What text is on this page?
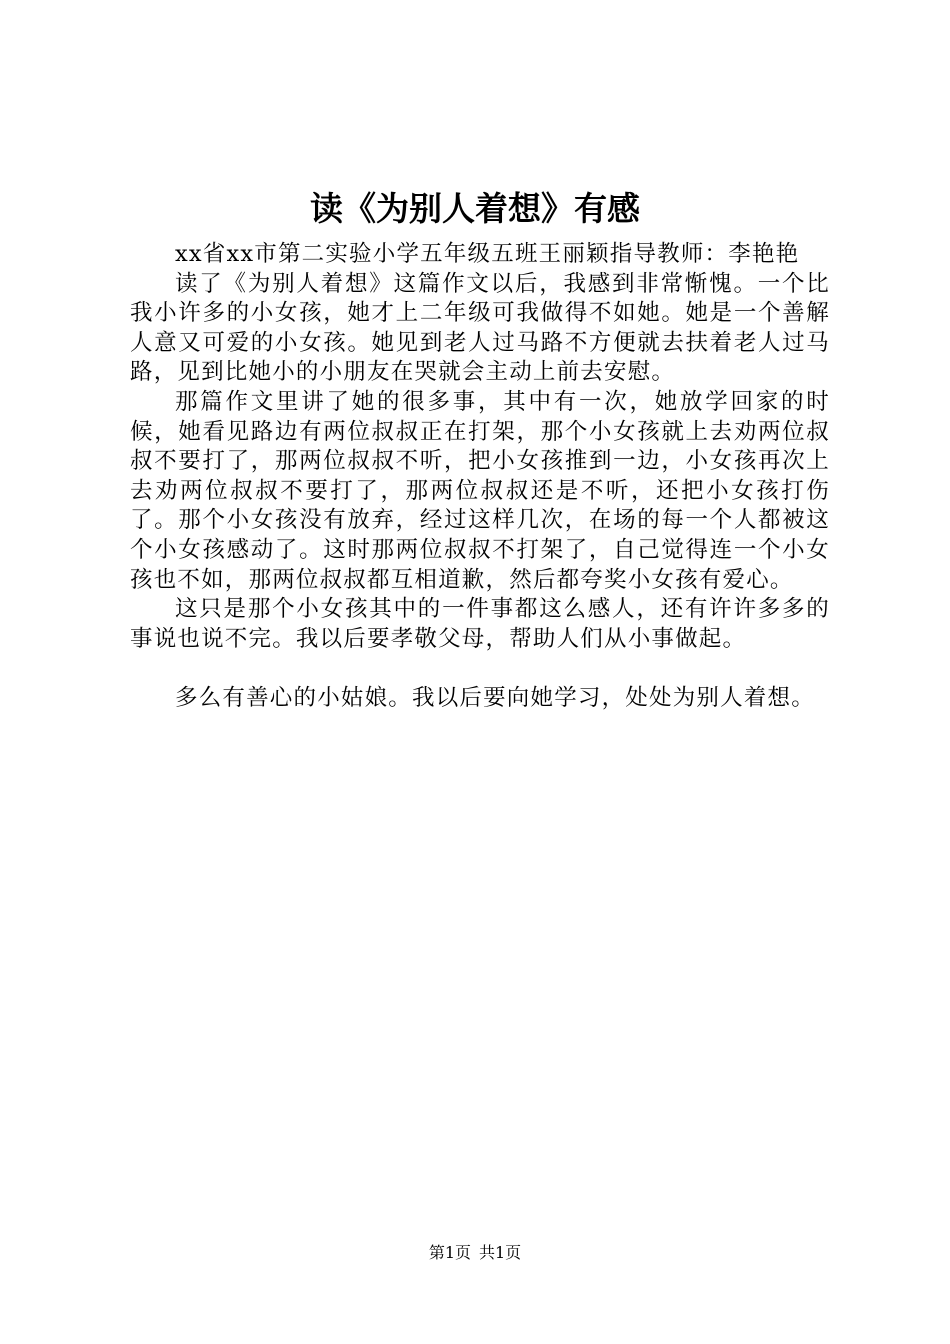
读《为别人着想》有感

xx省xx市第二实验小学五年级五班王丽颖指导教师：李艳艳

读了《为别人着想》这篇作文以后，我感到非常惭愧。一个比我小许多的小女孩，她才上二年级可我做得不如她。她是一个善解人意又可爱的小女孩。她见到老人过马路不方便就去扶着老人过马路，见到比她小的小朋友在哭就会主动上前去安慰。

那篇作文里讲了她的很多事，其中有一次，她放学回家的时候，她看见路边有两位叔叔正在打架，那个小女孩就上去劝两位叔叔不要打了，那两位叔叔不听，把小女孩推到一边，小女孩再次上去劝两位叔叔不要打了，那两位叔叔还是不听，还把小女孩打伤了。那个小女孩没有放弃，经过这样几次，在场的每一个人都被这个小女孩感动了。这时那两位叔叔不打架了，自己觉得连一个小女孩也不如，那两位叔叔都互相道歉，然后都夸奖小女孩有爱心。

这只是那个小女孩其中的一件事都这么感人，还有许许多多的事说也说不完。我以后要孝敬父母，帮助人们从小事做起。

多么有善心的小姑娘。我以后要向她学习，处处为别人着想。

第1页 共1页
